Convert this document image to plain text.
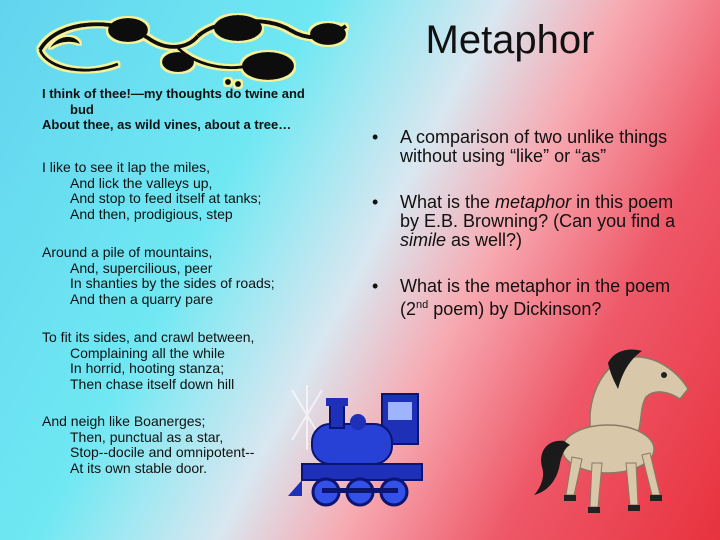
Metaphor
I think of thee!—my thoughts do twine and
bud
About thee, as wild vines, about a tree…
I like to see it lap the miles,
And lick the valleys up,
And stop to feed itself at tanks;
And then, prodigious, step
Around a pile of mountains,
And, supercilious, peer
In shanties by the sides of roads;
And then a quarry pare
To fit its sides, and crawl between,
Complaining all the while
In horrid, hooting stanza;
Then chase itself down hill
And neigh like Boanerges;
Then, punctual as a star,
Stop--docile and omnipotent--
At its own stable door.
• A comparison of two unlike things without using “like” or “as”
• What is the metaphor in this poem by E.B. Browning? (Can you find a simile as well?)
• What is the metaphor in the poem (2nd poem) by Dickinson?
